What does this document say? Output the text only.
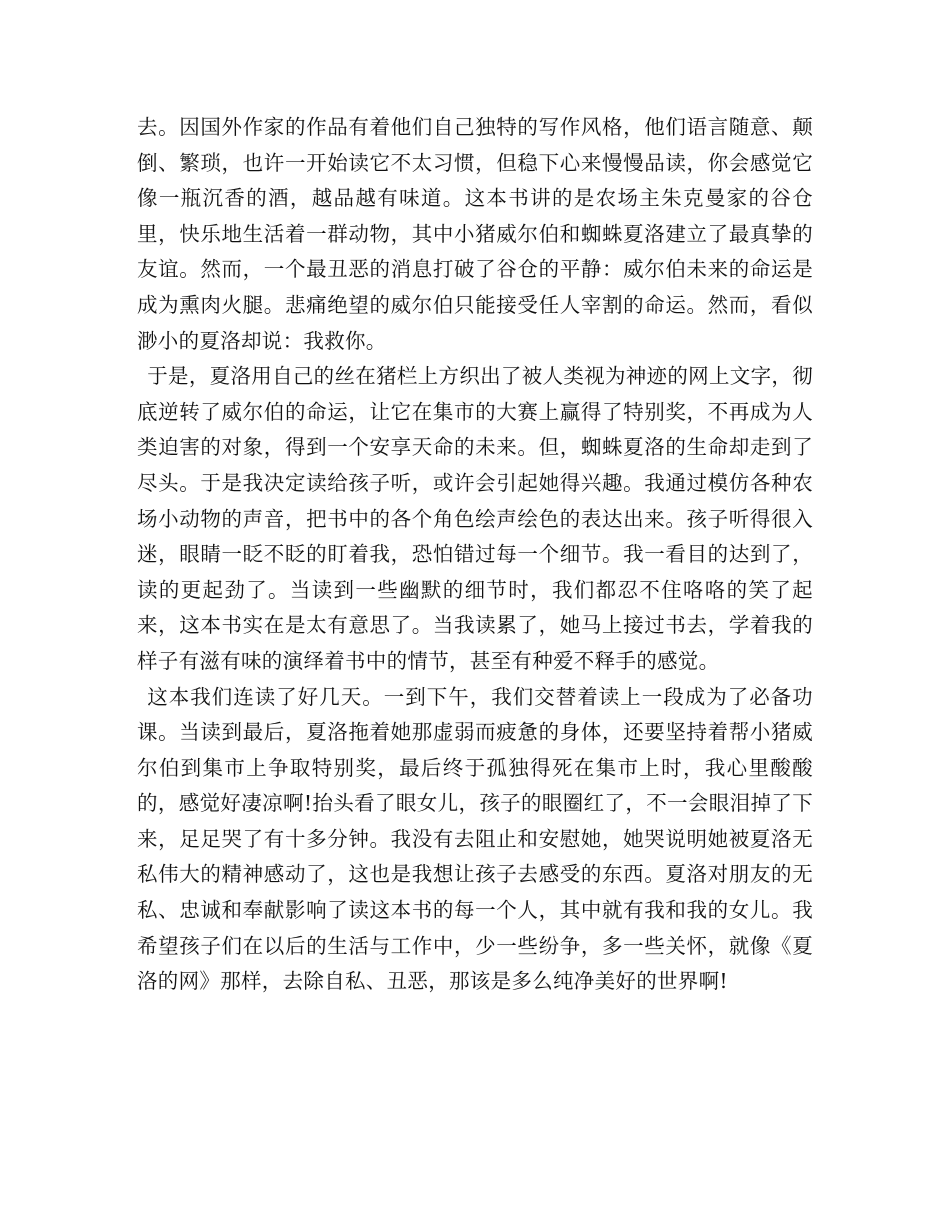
去。因国外作家的作品有着他们自己独特的写作风格，他们语言随意、颠倒、繁琐，也许一开始读它不太习惯，但稳下心来慢慢品读，你会感觉它像一瓶沉香的酒，越品越有味道。这本书讲的是农场主朱克曼家的谷仓里，快乐地生活着一群动物，其中小猪威尔伯和蜘蛛夏洛建立了最真挚的友谊。然而，一个最丑恶的消息打破了谷仓的平静：威尔伯未来的命运是成为熏肉火腿。悲痛绝望的威尔伯只能接受任人宰割的命运。然而，看似渺小的夏洛却说：我救你。

于是，夏洛用自己的丝在猪栏上方织出了被人类视为神迹的网上文字，彻底逆转了威尔伯的命运，让它在集市的大赛上赢得了特别奖，不再成为人类迫害的对象，得到一个安享天命的未来。但，蜘蛛夏洛的生命却走到了尽头。于是我决定读给孩子听，或许会引起她得兴趣。我通过模仿各种农场小动物的声音，把书中的各个角色绘声绘色的表达出来。孩子听得很入迷，眼睛一眨不眨的盯着我，恐怕错过每一个细节。我一看目的达到了，读的更起劲了。当读到一些幽默的细节时，我们都忍不住咯咯的笑了起来，这本书实在是太有意思了。当我读累了，她马上接过书去，学着我的样子有滋有味的演绎着书中的情节，甚至有种爱不释手的感觉。

这本我们连读了好几天。一到下午，我们交替着读上一段成为了必备功课。当读到最后，夏洛拖着她那虚弱而疲惫的身体，还要坚持着帮小猪威尔伯到集市上争取特别奖，最后终于孤独得死在集市上时，我心里酸酸的，感觉好凄凉啊!抬头看了眼女儿，孩子的眼圈红了，不一会眼泪掉了下来，足足哭了有十多分钟。我没有去阻止和安慰她，她哭说明她被夏洛无私伟大的精神感动了，这也是我想让孩子去感受的东西。夏洛对朋友的无私、忠诚和奉献影响了读这本书的每一个人，其中就有我和我的女儿。我希望孩子们在以后的生活与工作中，少一些纷争，多一些关怀，就像《夏洛的网》那样，去除自私、丑恶，那该是多么纯净美好的世界啊!
